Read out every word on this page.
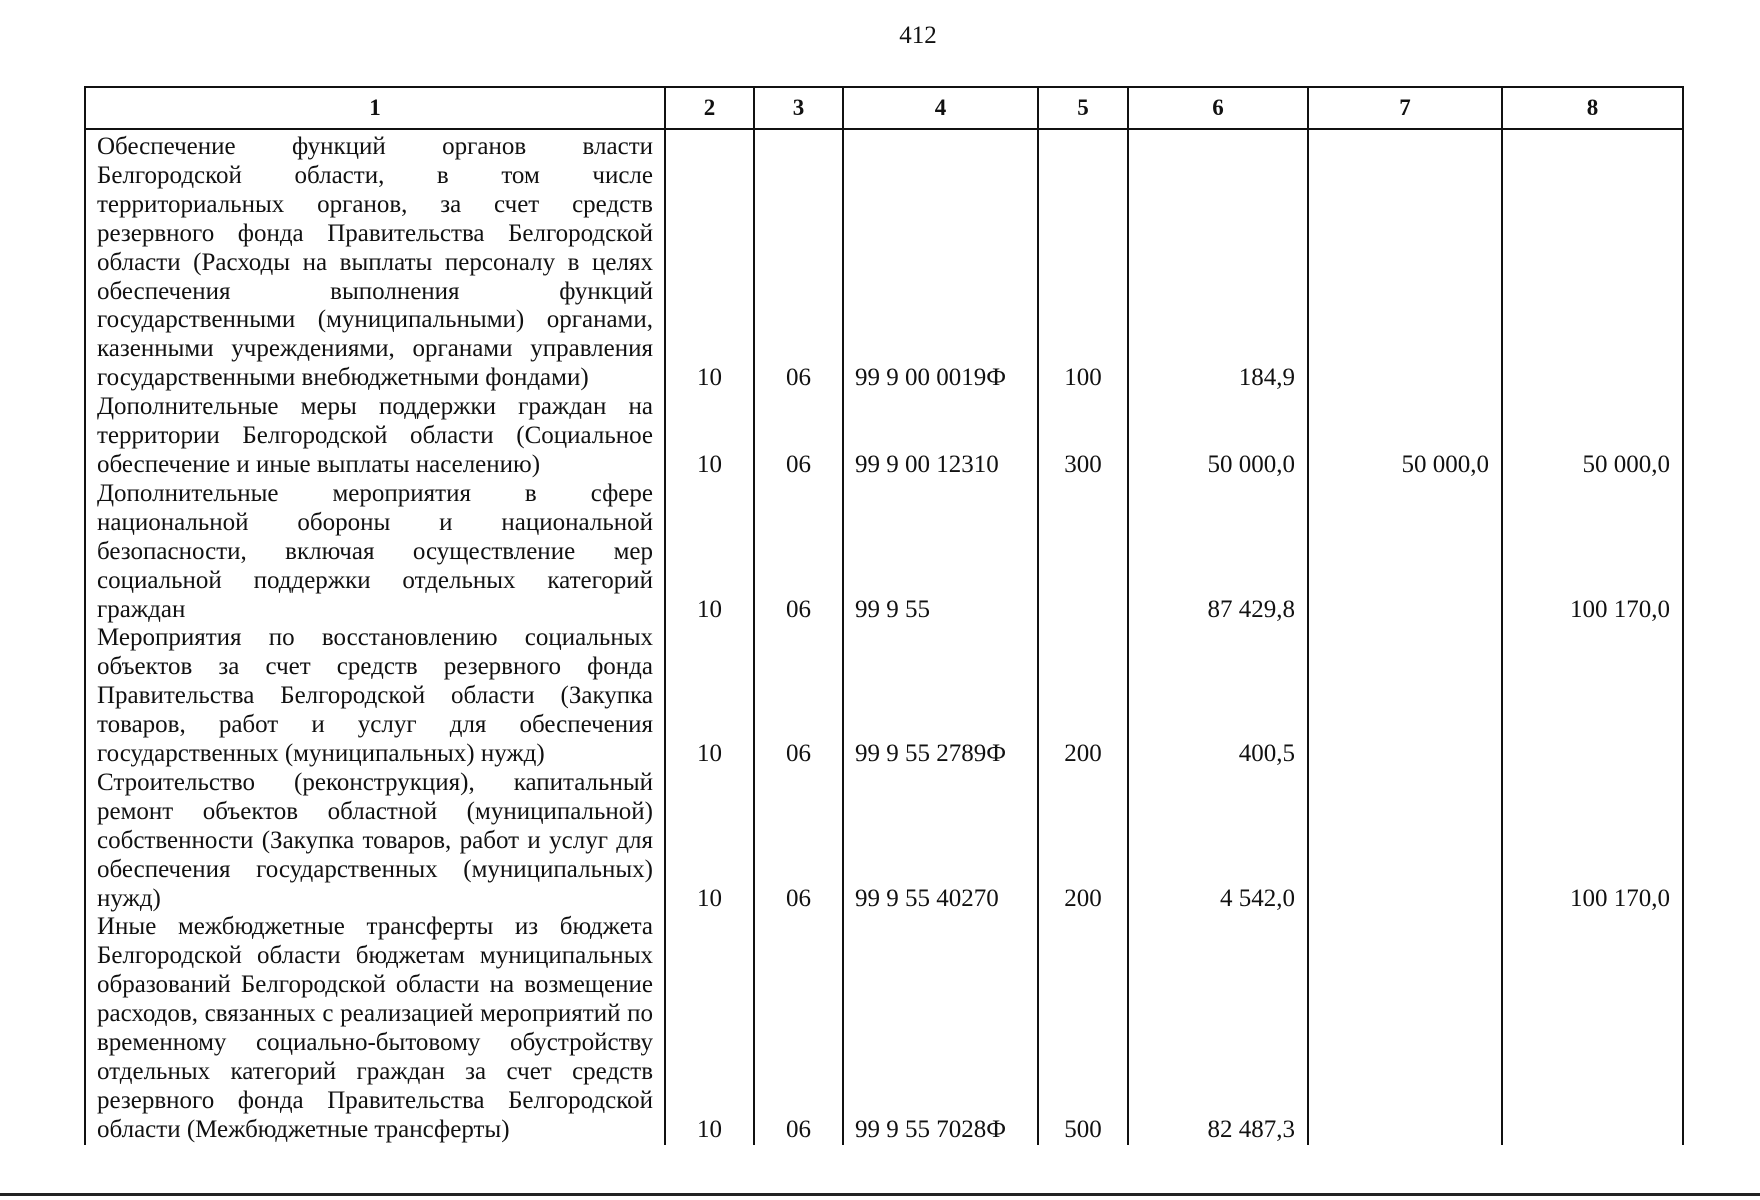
412
1	2	3	4	5	6	7	8
Обеспечение функций органов власти Белгородской области, в том числе территориальных органов, за счет средств резервного фонда Правительства Белгородской области (Расходы на выплаты персоналу в целях обеспечения выполнения функций государственными (муниципальными) органами, казенными учреждениями, органами управления государственными внебюджетными фондами)	10	06	99 9 00 0019Ф	100	184,9		
Дополнительные меры поддержки граждан на территории Белгородской области (Социальное обеспечение и иные выплаты населению)	10	06	99 9 00 12310	300	50 000,0	50 000,0	50 000,0
Дополнительные мероприятия в сфере национальной обороны и национальной безопасности, включая осуществление мер социальной поддержки отдельных категорий граждан	10	06	99 9 55		87 429,8		100 170,0
Мероприятия по восстановлению социальных объектов за счет средств резервного фонда Правительства Белгородской области (Закупка товаров, работ и услуг для обеспечения государственных (муниципальных) нужд)	10	06	99 9 55 2789Ф	200	400,5		
Строительство (реконструкция), капитальный ремонт объектов областной (муниципальной) собственности (Закупка товаров, работ и услуг для обеспечения государственных (муниципальных) нужд)	10	06	99 9 55 40270	200	4 542,0		100 170,0
Иные межбюджетные трансферты из бюджета Белгородской области бюджетам муниципальных образований Белгородской области на возмещение расходов, связанных с реализацией мероприятий по временному социально-бытовому обустройству отдельных категорий граждан за счет средств резервного фонда Правительства Белгородской области (Межбюджетные трансферты)	10	06	99 9 55 7028Ф	500	82 487,3		
